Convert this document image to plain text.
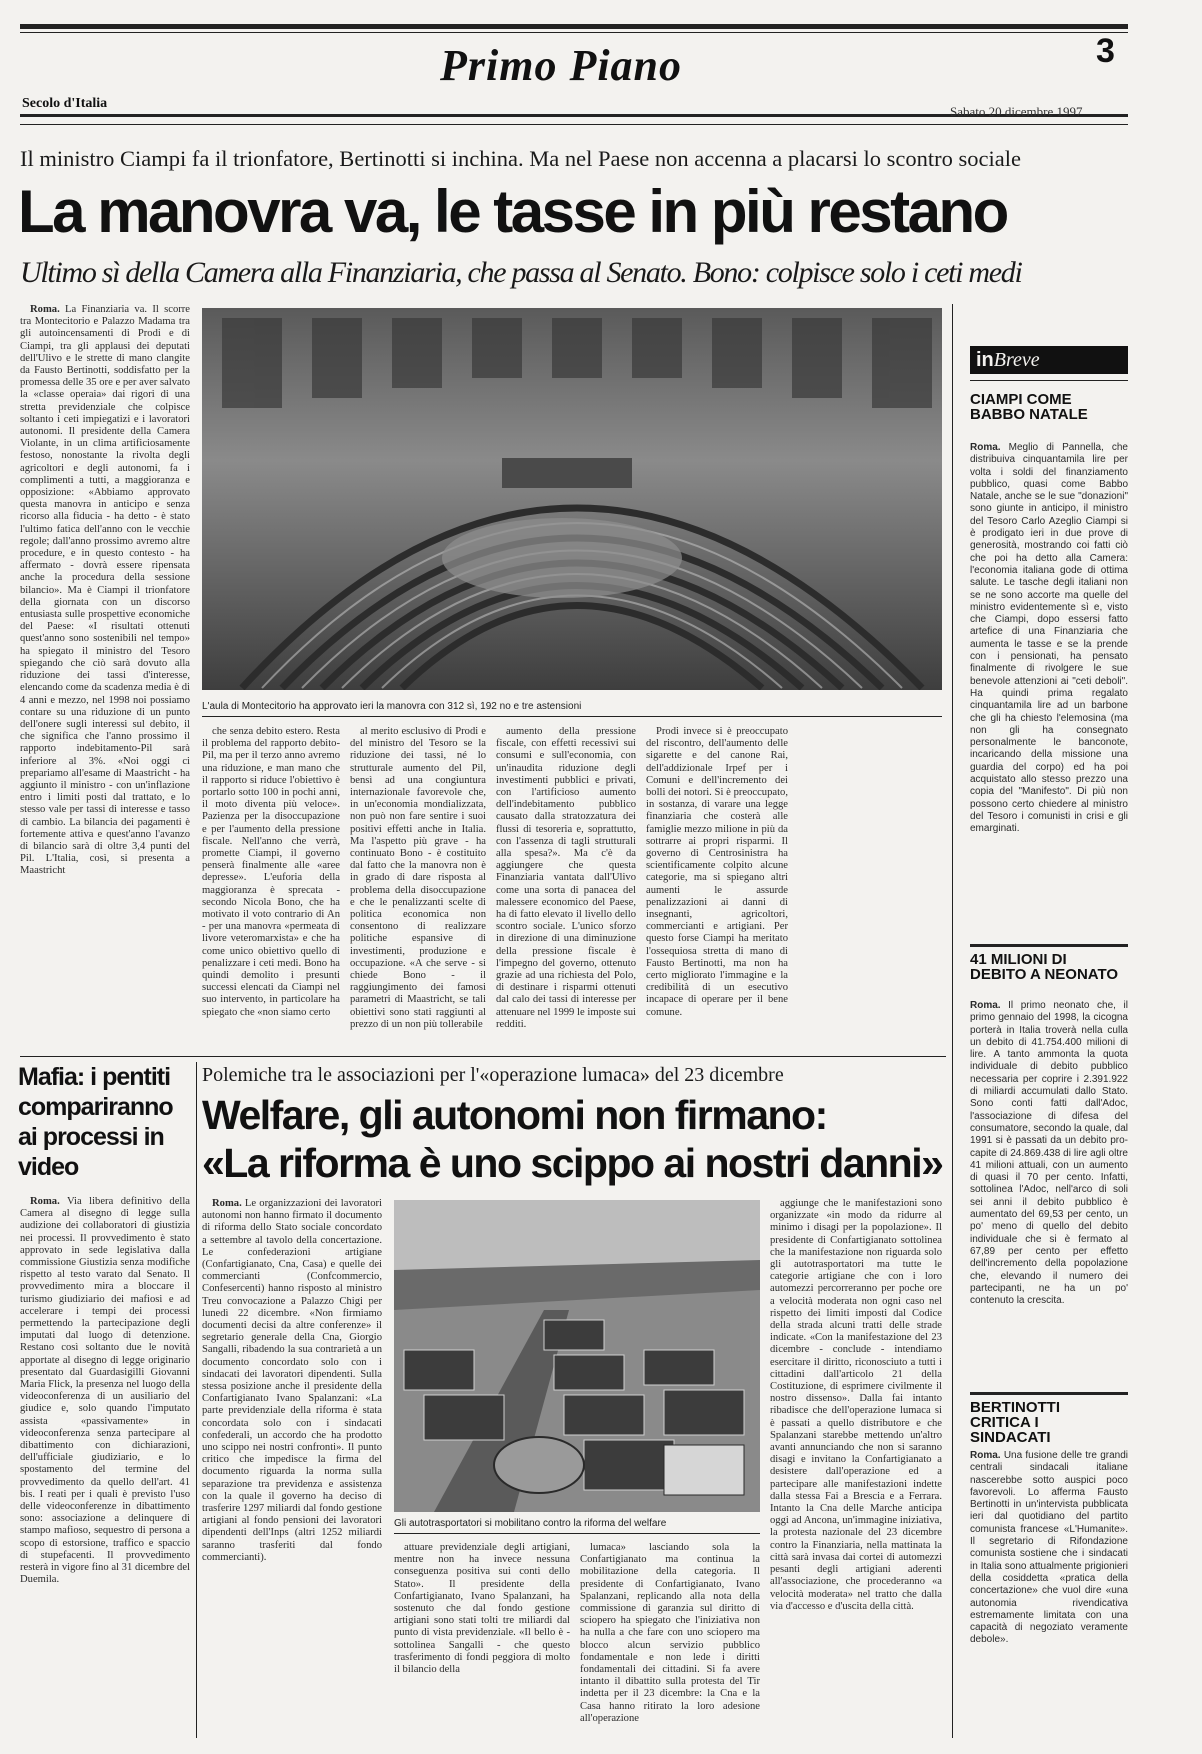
Primo Piano	3
Secolo d'Italia
Sabato 20 dicembre 1997
Il ministro Ciampi fa il trionfatore, Bertinotti si inchina. Ma nel Paese non accenna a placarsi lo scontro sociale
La manovra va, le tasse in più restano
Ultimo sì della Camera alla Finanziaria, che passa al Senato. Bono: colpisce solo i ceti medi

Roma. La Finanziaria va. Il scorre tra Montecitorio e Palazzo Madama tra gli autoincensamenti di Prodi e di Ciampi, tra gli applausi dei deputati dell'Ulivo e le strette di mano clangite da Fausto Bertinotti, soddisfatto per la promessa delle 35 ore e per aver salvato la «classe operaia» dai rigori di una stretta previdenziale che colpisce soltanto i ceti impiegatizi e i lavoratori autonomi. Il presidente della Camera Violante, in un clima artificiosamente festoso, nonostante la rivolta degli agricoltori e degli autonomi, fa i complimenti a tutti, a maggioranza e opposizione: «Abbiamo approvato questa manovra in anticipo e senza ricorso alla fiducia - ha detto - è stato l'ultimo fatica dell'anno con le vecchie regole; dall'anno prossimo avremo altre procedure, e in questo contesto - ha affermato - dovrà essere ripensata anche la procedura della sessione bilancio». Ma è Ciampi il trionfatore della giornata con un discorso entusiasta sulle prospettive economiche del Paese: «I risultati ottenuti quest'anno sono sostenibili nel tempo» ha spiegato il ministro del Tesoro spiegando che ciò sarà dovuto alla riduzione dei tassi d'interesse, elencando come da scadenza media è di 4 anni e mezzo, nel 1998 noi possiamo contare su una riduzione di un punto dell'onere sugli interessi sul debito, il che significa che l'anno prossimo il rapporto indebitamento-Pil sarà inferiore al 3%. «Noi oggi ci prepariamo all'esame di Maastricht - ha aggiunto il ministro - con un'inflazione entro i limiti posti dal trattato, e lo stesso vale per tassi di interesse e tasso di cambio. La bilancia dei pagamenti è fortemente attiva e quest'anno l'avanzo di bilancio sarà di oltre 3,4 punti del Pil. L'Italia, così, si presenta a Maastricht

L'aula di Montecitorio ha approvato ieri la manovra con 312 sì, 192 no e tre astensioni

che senza debito estero. Resta il problema del rapporto debito-Pil, ma per il terzo anno avremo una riduzione, e man mano che il rapporto si riduce l'obiettivo è portarlo sotto 100 in pochi anni, il moto diventa più veloce». Pazienza per la disoccupazione e per l'aumento della pressione fiscale. Nell'anno che verrà, promette Ciampi, il governo penserà finalmente alle «aree depresse». L'euforia della maggioranza è sprecata - secondo Nicola Bono, che ha motivato il voto contrario di An - per una manovra «permeata di livore veteromarxista» e che ha come unico obiettivo quello di penalizzare i ceti medi. Bono ha quindi demolito i presunti successi elencati da Ciampi nel suo intervento, in particolare ha spiegato che «non siamo certo

al merito esclusivo di Prodi e del ministro del Tesoro se la riduzione dei tassi, né lo strutturale aumento del Pil, bensì ad una congiuntura internazionale favorevole che, in un'economia mondializzata, non può non fare sentire i suoi positivi effetti anche in Italia. Ma l'aspetto più grave - ha continuato Bono - è costituito dal fatto che la manovra non è in grado di dare risposta al problema della disoccupazione e che le penalizzanti scelte di politica economica non consentono di realizzare politiche espansive di investimenti, produzione e occupazione. «A che serve - si chiede Bono - il raggiungimento dei famosi parametri di Maastricht, se tali obiettivi sono stati raggiunti al prezzo di un non più tollerabile

aumento della pressione fiscale, con effetti recessivi sui consumi e sull'economia, con un'inaudita riduzione degli investimenti pubblici e privati, con l'artificioso aumento dell'indebitamento pubblico causato dalla stratozzatura dei flussi di tesoreria e, soprattutto, con l'assenza di tagli strutturali alla spesa?». Ma c'è da aggiungere che questa Finanziaria vantata dall'Ulivo come una sorta di panacea del malessere economico del Paese, ha di fatto elevato il livello dello scontro sociale. L'unico sforzo in direzione di una diminuzione della pressione fiscale è l'impegno del governo, ottenuto grazie ad una richiesta del Polo, di destinare i risparmi ottenuti dal calo dei tassi di interesse per attenuare nel 1999 le imposte sui redditi.

Prodi invece si è preoccupato del riscontro, dell'aumento delle sigarette e del canone Rai, dell'addizionale Irpef per i Comuni e dell'incremento dei bolli dei notori. Si è preoccupato, in sostanza, di varare una legge finanziaria che costerà alle famiglie mezzo milione in più da sottrarre ai propri risparmi. Il governo di Centrosinistra ha scientificamente colpito alcune categorie, ma si spiegano altri aumenti le assurde penalizzazioni ai danni di insegnanti, agricoltori, commercianti e artigiani. Per questo forse Ciampi ha meritato l'ossequiosa stretta di mano di Fausto Bertinotti, ma non ha certo migliorato l'immagine e la credibilità di un esecutivo incapace di operare per il bene comune.

Mafia: i pentiti compariranno ai processi in video

Roma. Via libera definitivo della Camera al disegno di legge sulla audizione dei collaboratori di giustizia nei processi. Il provvedimento è stato approvato in sede legislativa dalla commissione Giustizia senza modifiche rispetto al testo varato dal Senato. Il provvedimento mira a bloccare il turismo giudiziario dei mafiosi e ad accelerare i tempi dei processi permettendo la partecipazione degli imputati dal luogo di detenzione. Restano così soltanto due le novità apportate al disegno di legge originario presentato dal Guardasigilli Giovanni Maria Flick, la presenza nel luogo della videoconferenza di un ausiliario del giudice e, solo quando l'imputato assista «passivamente» in videoconferenza senza partecipare al dibattimento con dichiarazioni, dell'ufficiale giudiziario, e lo spostamento del termine del provvedimento da quello dell'art. 41 bis. I reati per i quali è previsto l'uso delle videoconferenze in dibattimento sono: associazione a delinquere di stampo mafioso, sequestro di persona a scopo di estorsione, traffico e spaccio di stupefacenti. Il provvedimento resterà in vigore fino al 31 dicembre del Duemila.

Polemiche tra le associazioni per l'«operazione lumaca» del 23 dicembre
Welfare, gli autonomi non firmano:
«La riforma è uno scippo ai nostri danni»

Roma. Le organizzazioni dei lavoratori autonomi non hanno firmato il documento di riforma dello Stato sociale concordato a settembre al tavolo della concertazione. Le confederazioni artigiane (Confartigianato, Cna, Casa) e quelle dei commercianti (Confcommercio, Confesercenti) hanno risposto al ministro Treu convocazione a Palazzo Chigi per lunedì 22 dicembre. «Non firmiamo documenti decisi da altre conferenze» il segretario generale della Cna, Giorgio Sangalli, ribadendo la sua contrarietà a un documento concordato solo con i sindacati dei lavoratori dipendenti. Sulla stessa posizione anche il presidente della Confartigianato Ivano Spalanzani: «La parte previdenziale della riforma è stata concordata solo con i sindacati confederali, un accordo che ha prodotto uno scippo nei nostri confronti». Il punto critico che impedisce la firma del documento riguarda la norma sulla separazione tra previdenza e assistenza con la quale il governo ha deciso di trasferire 1297 miliardi dal fondo gestione artigiani al fondo pensioni dei lavoratori dipendenti dell'Inps (altri 1252 miliardi saranno trasferiti dal fondo commercianti).

Gli autotrasportatori si mobilitano contro la riforma del welfare

attuare previdenziale degli artigiani, mentre non ha invece nessuna conseguenza positiva sui conti dello Stato». Il presidente della Confartigianato, Ivano Spalanzani, ha sostenuto che dal fondo gestione artigiani sono stati tolti tre miliardi dal punto di vista previdenziale. «Il bello è - sottolinea Sangalli - che questo trasferimento di fondi peggiora di molto il bilancio della

lumaca» lasciando sola la Confartigianato ma continua la mobilitazione della categoria. Il presidente di Confartigianato, Ivano Spalanzani, replicando alla nota della commissione di garanzia sul diritto di sciopero ha spiegato che l'iniziativa non ha nulla a che fare con uno sciopero ma blocco alcun servizio pubblico fondamentale e non lede i diritti fondamentali dei cittadini. Si fa avere intanto il dibattito sulla protesta del Tir indetta per il 23 dicembre: la Cna e la Casa hanno ritirato la loro adesione all'operazione

aggiunge che le manifestazioni sono organizzate «in modo da ridurre al minimo i disagi per la popolazione». Il presidente di Confartigianato sottolinea che la manifestazione non riguarda solo gli autotrasportatori ma tutte le categorie artigiane che con i loro automezzi percorreranno per poche ore a velocità moderata non ogni caso nel rispetto dei limiti imposti dal Codice della strada alcuni tratti delle strade indicate. «Con la manifestazione del 23 dicembre - conclude - intendiamo esercitare il diritto, riconosciuto a tutti i cittadini dall'articolo 21 della Costituzione, di esprimere civilmente il nostro dissenso». Dalla fai intanto ribadisce che dell'operazione lumaca si è passati a quello distributore e che Spalanzani starebbe mettendo un'altro avanti annunciando che non si saranno disagi e invitano la Confartigianato a desistere dall'operazione ed a partecipare alle manifestazioni indette dalla stessa Fai a Brescia e a Ferrara. Intanto la Cna delle Marche anticipa oggi ad Ancona, un'immagine iniziativa, la protesta nazionale del 23 dicembre contro la Finanziaria, nella mattinata la città sarà invasa dai cortei di automezzi pesanti degli artigiani aderenti all'associazione, che procederanno «a velocità moderata» nel tratto che dalla via d'accesso e d'uscita della città.

inBreve
CIAMPI COME BABBO NATALE
Roma. Meglio di Pannella, che distribuiva cinquantamila lire per volta i soldi del finanziamento pubblico, quasi come Babbo Natale, anche se le sue "donazioni" sono giunte in anticipo, il ministro del Tesoro Carlo Azeglio Ciampi si è prodigato ieri in due prove di generosità, mostrando coi fatti ciò che poi ha detto alla Camera: l'economia italiana gode di ottima salute. Le tasche degli italiani non se ne sono accorte ma quelle del ministro evidentemente sì e, visto che Ciampi, dopo essersi fatto artefice di una Finanziaria che aumenta le tasse e se la prende con i pensionati, ha pensato finalmente di rivolgere le sue benevole attenzioni ai "ceti deboli". Ha quindi prima regalato cinquantamila lire ad un barbone che gli ha chiesto l'elemosina (ma non gli ha consegnato personalmente le banconote, incaricando della missione una guardia del corpo) ed ha poi acquistato allo stesso prezzo una copia del "Manifesto". Di più non possono certo chiedere al ministro del Tesoro i comunisti in crisi e gli emarginati.
41 MILIONI DI DEBITO A NEONATO
Roma. Il primo neonato che, il primo gennaio del 1998, la cicogna porterà in Italia troverà nella culla un debito di 41.754.400 milioni di lire. A tanto ammonta la quota individuale di debito pubblico necessaria per coprire i 2.391.922 di miliardi accumulati dallo Stato. Sono conti fatti dall'Adoc, l'associazione di difesa del consumatore, secondo la quale, dal 1991 si è passati da un debito pro-capite di 24.869.438 di lire agli oltre 41 milioni attuali, con un aumento di quasi il 70 per cento. Infatti, sottolinea l'Adoc, nell'arco di soli sei anni il debito pubblico è aumentato del 69,53 per cento, un po' meno di quello del debito individuale che si è fermato al 67,89 per cento per effetto dell'incremento della popolazione che, elevando il numero dei partecipanti, ne ha un po' contenuto la crescita.
BERTINOTTI CRITICA I SINDACATI
Roma. Una fusione delle tre grandi centrali sindacali italiane nascerebbe sotto auspici poco favorevoli. Lo afferma Fausto Bertinotti in un'intervista pubblicata ieri dal quotidiano del partito comunista francese «L'Humanite». Il segretario di Rifondazione comunista sostiene che i sindacati in Italia sono attualmente prigionieri della cosiddetta «pratica della concertazione» che vuol dire «una autonomia rivendicativa estremamente limitata con una capacità di negoziato veramente debole».
